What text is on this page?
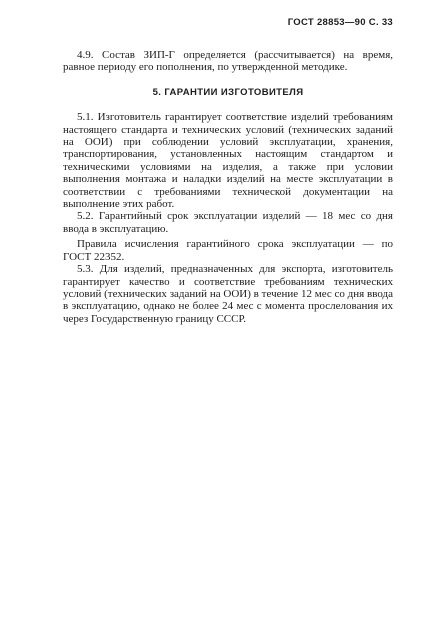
ГОСТ 28853—90 С. 33

4.9. Состав ЗИП-Г определяется (рассчитывается) на время, равное периоду его пополнения, по утвержденной методике.

5. ГАРАНТИИ ИЗГОТОВИТЕЛЯ

5.1. Изготовитель гарантирует соответствие изделий требованиям настоящего стандарта и технических условий (технических заданий на ООИ) при соблюдении условий эксплуатации, хранения, транспортирования, установленных настоящим стандартом и техническими условиями на изделия, а также при условии выполнения монтажа и наладки изделий на месте эксплуатации в соответствии с требованиями технической документации на выполнение этих работ.

5.2. Гарантийный срок эксплуатации изделий — 18 мес со дня ввода в эксплуатацию.

Правила исчисления гарантийного срока эксплуатации — по ГОСТ 22352.

5.3. Для изделий, предназначенных для экспорта, изготовитель гарантирует качество и соответствие требованиям технических условий (технических заданий на ООИ) в течение 12 мес со дня ввода в эксплуатацию, однако не более 24 мес с момента прослелования их через Государственную границу СССР.
